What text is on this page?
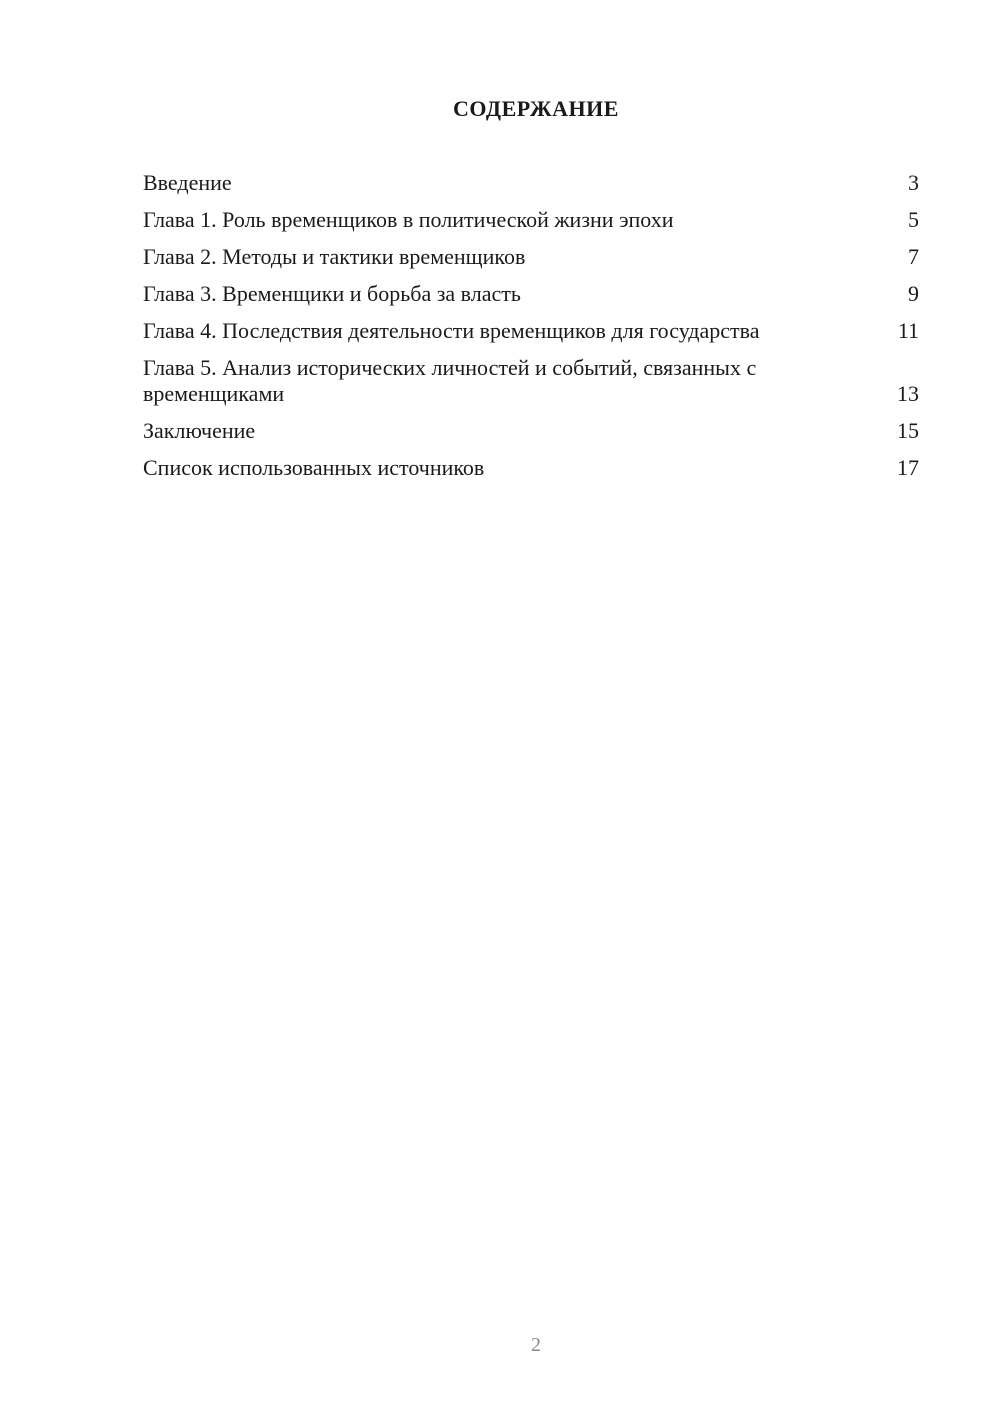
СОДЕРЖАНИЕ
Введение	3
Глава 1. Роль временщиков в политической жизни эпохи	5
Глава 2. Методы и тактики временщиков	7
Глава 3. Временщики и борьба за власть	9
Глава 4. Последствия деятельности временщиков для государства	11
Глава 5. Анализ исторических личностей и событий, связанных с временщиками	13
Заключение	15
Список использованных источников	17
2
